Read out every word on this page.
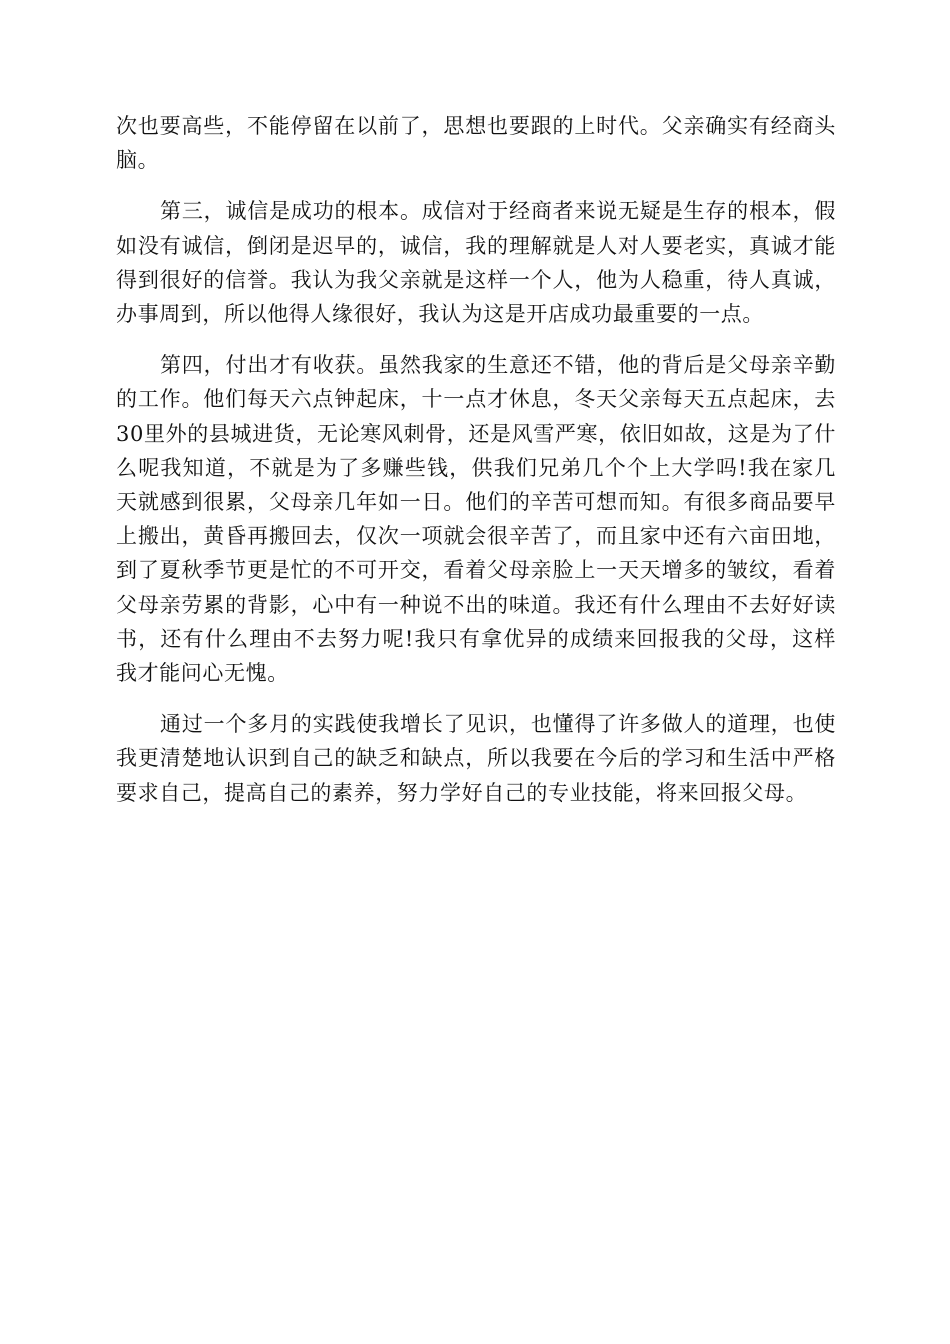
次也要高些，不能停留在以前了，思想也要跟的上时代。父亲确实有经商头脑。

第三，诚信是成功的根本。成信对于经商者来说无疑是生存的根本，假如没有诚信，倒闭是迟早的，诚信，我的理解就是人对人要老实，真诚才能得到很好的信誉。我认为我父亲就是这样一个人，他为人稳重，待人真诚，办事周到，所以他得人缘很好，我认为这是开店成功最重要的一点。

第四，付出才有收获。虽然我家的生意还不错，他的背后是父母亲辛勤的工作。他们每天六点钟起床，十一点才休息，冬天父亲每天五点起床，去30里外的县城进货，无论寒风刺骨，还是风雪严寒，依旧如故，这是为了什么呢我知道，不就是为了多赚些钱，供我们兄弟几个个上大学吗!我在家几天就感到很累，父母亲几年如一日。他们的辛苦可想而知。有很多商品要早上搬出，黄昏再搬回去，仅次一项就会很辛苦了，而且家中还有六亩田地，到了夏秋季节更是忙的不可开交，看着父母亲脸上一天天增多的皱纹，看着父母亲劳累的背影，心中有一种说不出的味道。我还有什么理由不去好好读书，还有什么理由不去努力呢!我只有拿优异的成绩来回报我的父母，这样我才能问心无愧。

通过一个多月的实践使我增长了见识，也懂得了许多做人的道理，也使我更清楚地认识到自己的缺乏和缺点，所以我要在今后的学习和生活中严格要求自己，提高自己的素养，努力学好自己的专业技能，将来回报父母。
